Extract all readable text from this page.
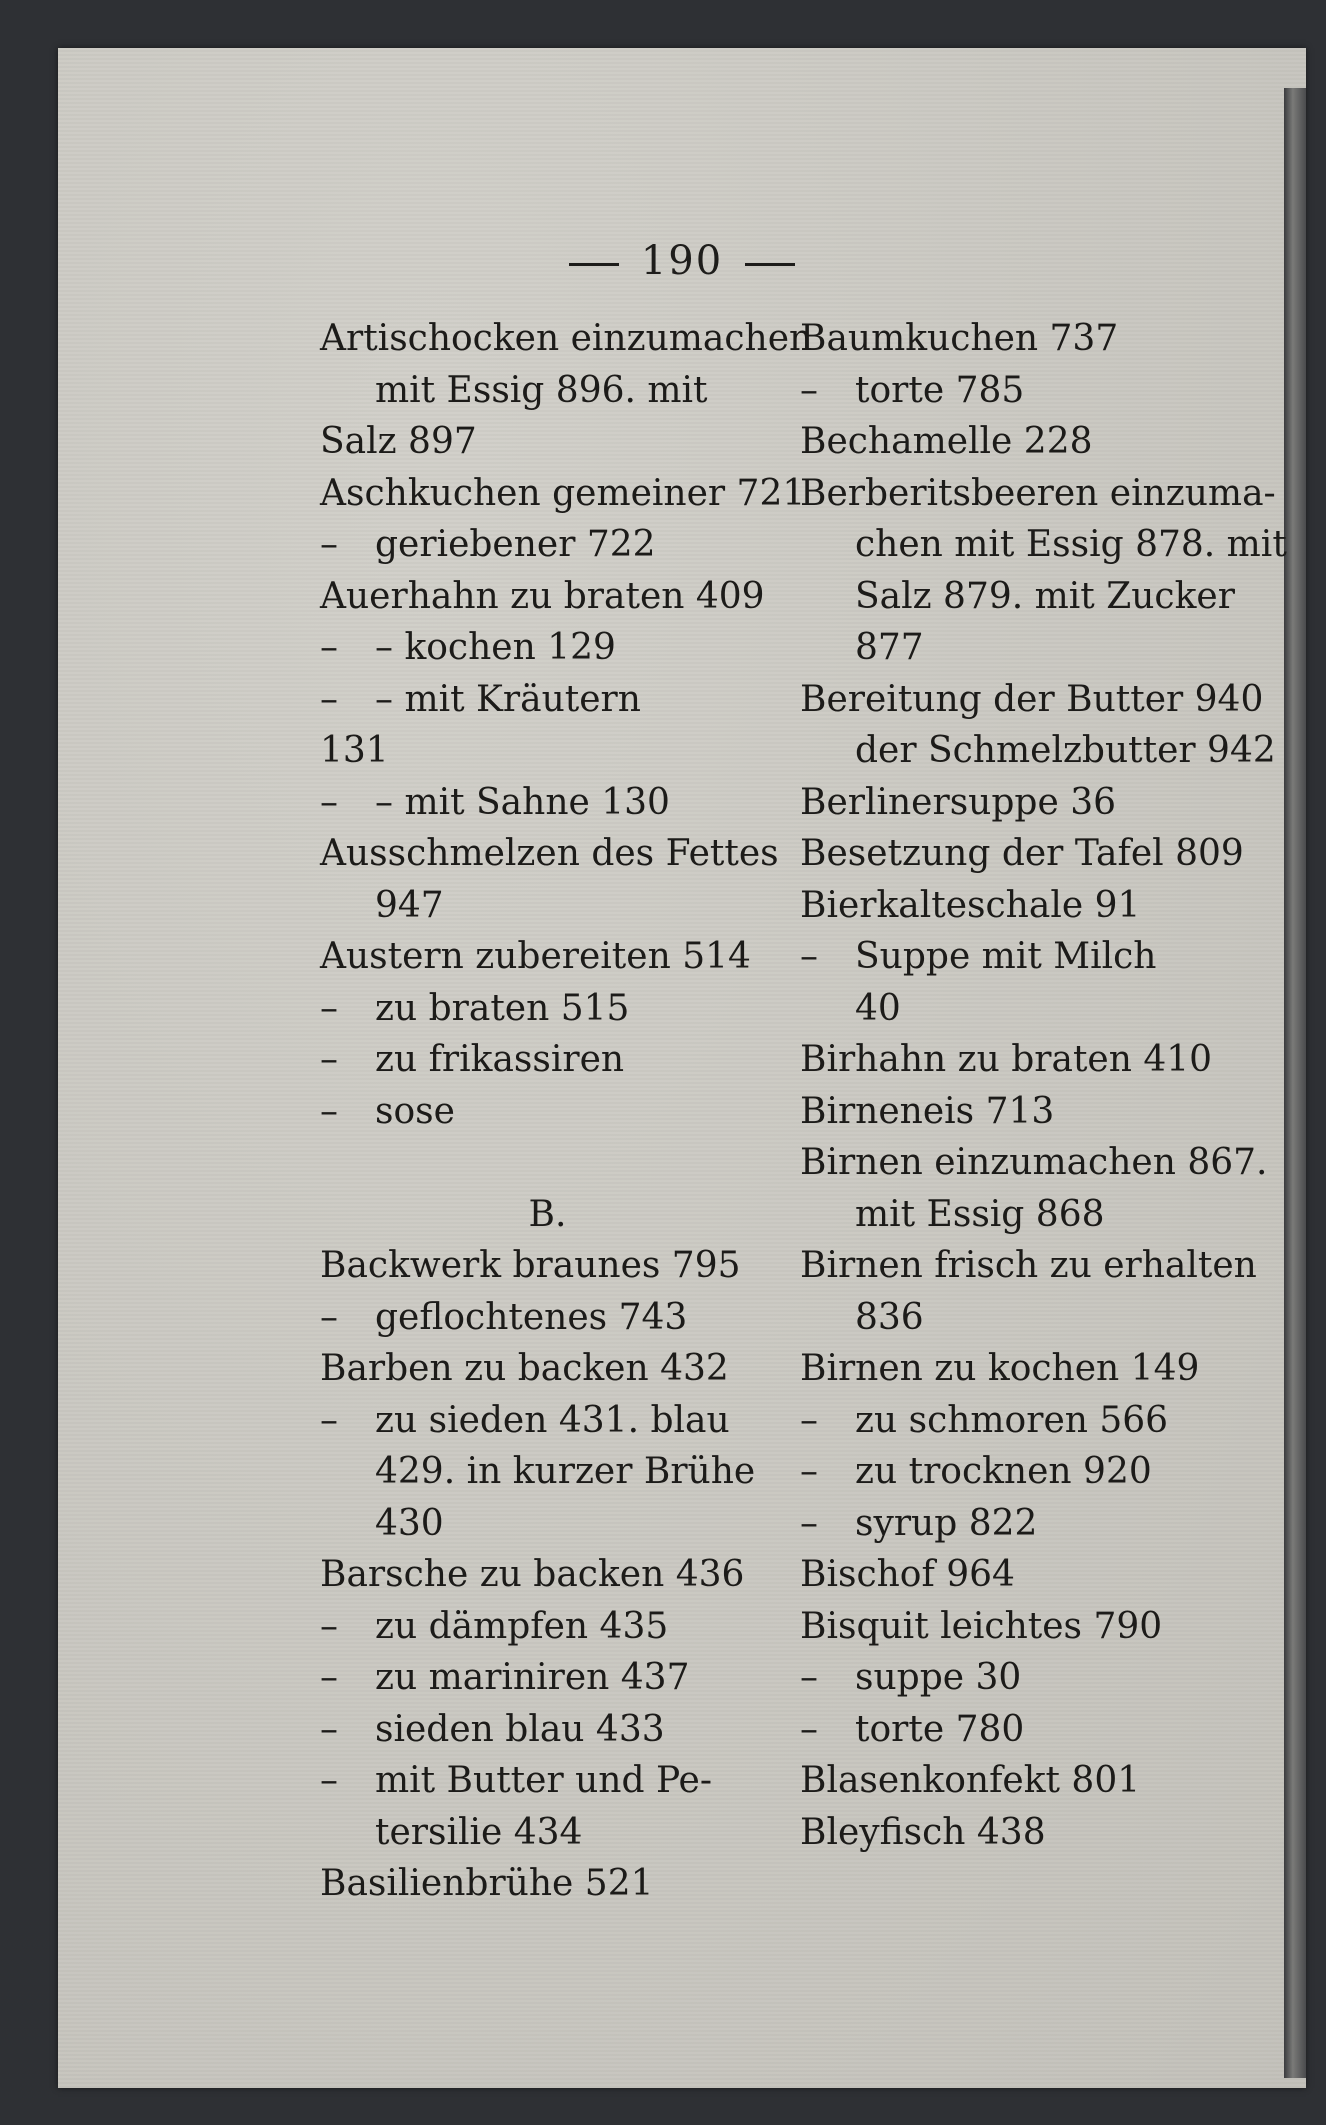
190
Artischocken einzumachen
mit Essig 896. mit
Salz 897
Aschkuchen gemeiner 721
– geriebener 722
Auerhahn zu braten 409
– – kochen 129
– – mit Kräutern
131
– – mit Sahne 130
Ausschmelzen des Fettes
947
Austern zubereiten 514
– zu braten 515
– zu frikassiren
– sose
B.
Backwerk braunes 795
– geflochtenes 743
Barben zu backen 432
– zu sieden 431. blau
429. in kurzer Brühe
430
Barsche zu backen 436
– zu dämpfen 435
– zu mariniren 437
– sieden blau 433
– mit Butter und Pe-
tersilie 434
Basilienbrühe 521
Baumkuchen 737
– torte 785
Bechamelle 228
Berberitsbeeren einzuma-
chen mit Essig 878. mit
Salz 879. mit Zucker
877
Bereitung der Butter 940
der Schmelzbutter 942
Berlinersuppe 36
Besetzung der Tafel 809
Bierkalteschale 91
– Suppe mit Milch
40
Birhahn zu braten 410
Birneneis 713
Birnen einzumachen 867.
mit Essig 868
Birnen frisch zu erhalten
836
Birnen zu kochen 149
– zu schmoren 566
– zu trocknen 920
– syrup 822
Bischof 964
Bisquit leichtes 790
– suppe 30
– torte 780
Blasenkonfekt 801
Bleyfisch 438
